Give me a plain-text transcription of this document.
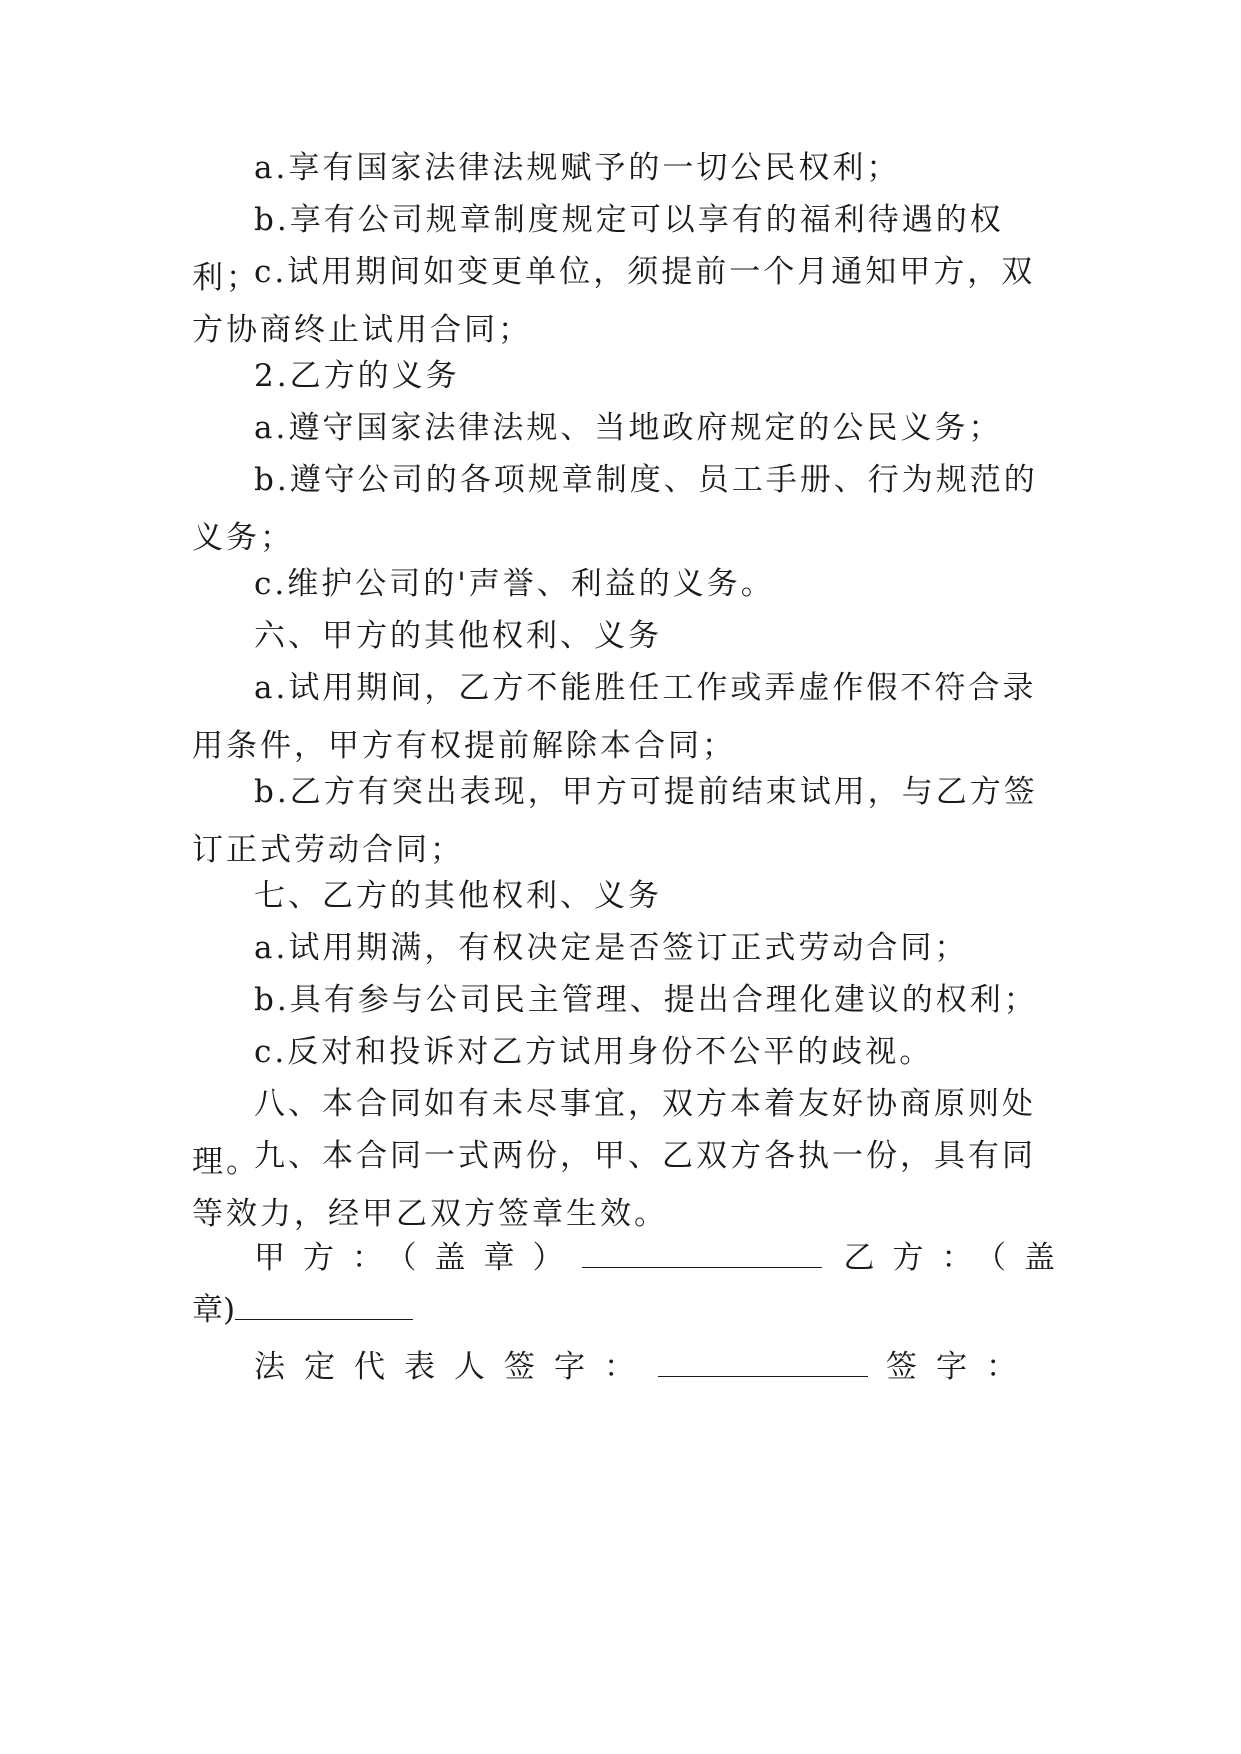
a.享有国家法律法规赋予的一切公民权利；

b.享有公司规章制度规定可以享有的福利待遇的权利；

c.试用期间如变更单位，须提前一个月通知甲方，双方协商终止试用合同；

2.乙方的义务

a.遵守国家法律法规、当地政府规定的公民义务；

b.遵守公司的各项规章制度、员工手册、行为规范的义务；

c.维护公司的'声誉、利益的义务。

六、甲方的其他权利、义务

a.试用期间，乙方不能胜任工作或弄虚作假不符合录用条件，甲方有权提前解除本合同；

b.乙方有突出表现，甲方可提前结束试用，与乙方签订正式劳动合同；

七、乙方的其他权利、义务

a.试用期满，有权决定是否签订正式劳动合同；

b.具有参与公司民主管理、提出合理化建议的权利；

c.反对和投诉对乙方试用身份不公平的歧视。

八、本合同如有未尽事宜，双方本着友好协商原则处理。

九、本合同一式两份，甲、乙双方各执一份，具有同等效力，经甲乙双方签章生效。

甲方：（盖章）	乙方：（盖
章)
法定代表人签字：	签字：
